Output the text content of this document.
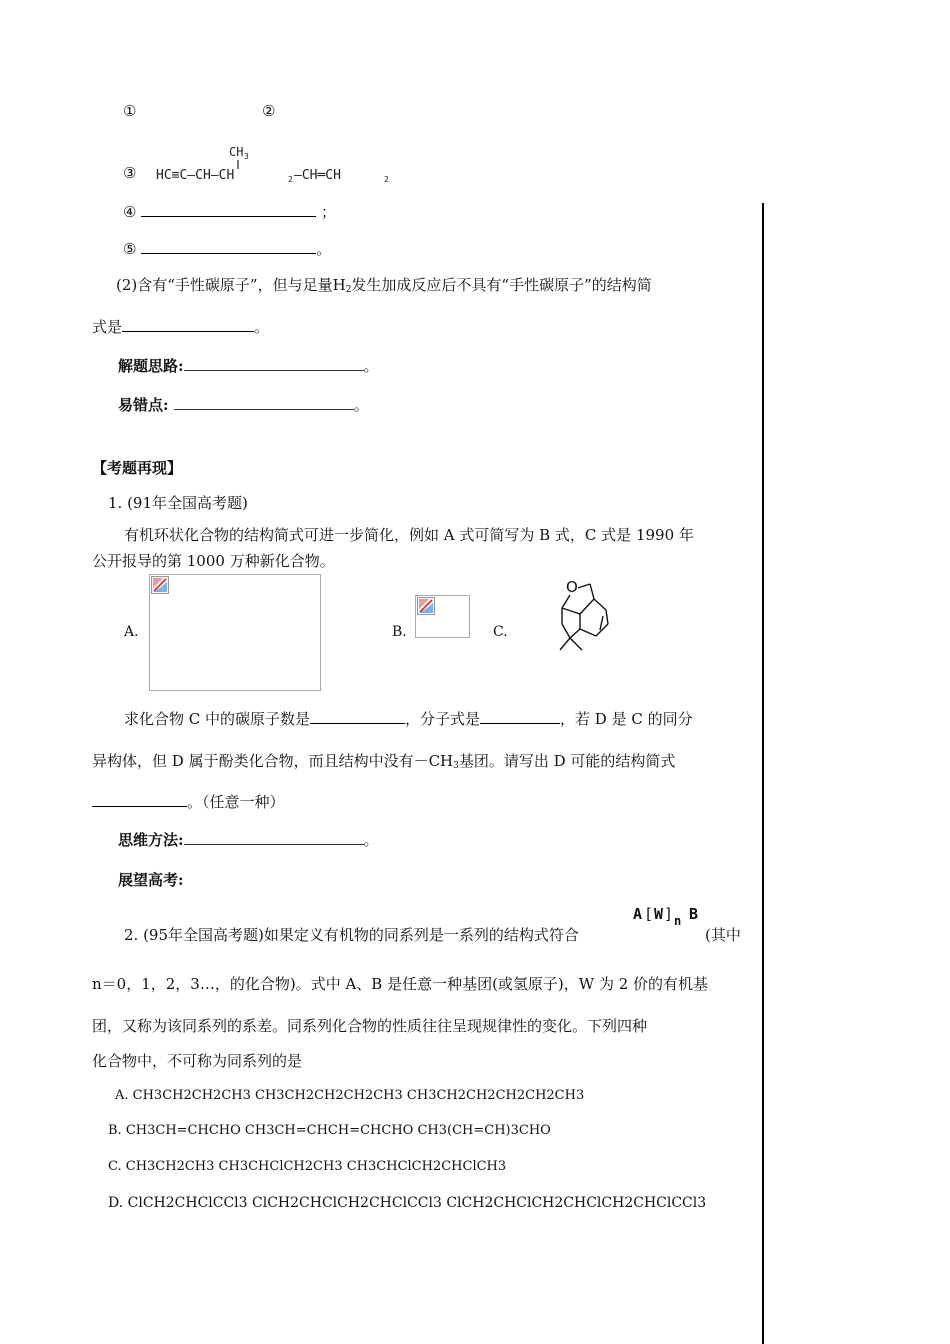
①	②
③
CH 3
HC≡C—CH—CH	2 —CH═CH	2
④	；
⑤	。
(2)含有“手性碳原子”，但与足量$H_2$发生加成反应后不具有“手性碳原子”的结构简
式是	。
解题思路:	。
易错点:	。
【考题再现】
1. (91年全国高考题)
有机环状化合物的结构简式可进一步简化，例如 A 式可简写为 B 式，C 式是 1990 年
公开报导的第 1000 万种新化合物。
A.	B.	C.
O
求化合物 C 中的碳原子数是	，分子式是	，若 D 是 C 的同分
异构体，但 D 属于酚类化合物，而且结构中没有$-CH_3$基团。请写出 D 可能的结构简式
。（任意一种）
思维方法:	。
展望高考:
2. (95年全国高考题)如果定义有机物的同系列是一系列的结构式符合
A [ W ] n B
(其中
n＝0，1，2，3…，的化合物)。式中 A、B 是任意一种基团(或氢原子)，W 为 2 价的有机基
团，又称为该同系列的系差。同系列化合物的性质往往呈现规律性的变化。下列四种
化合物中，不可称为同系列的是
A. CH3CH2CH2CH3 CH3CH2CH2CH2CH3 CH3CH2CH2CH2CH2CH3
B. CH3CH=CHCHO CH3CH=CHCH=CHCHO CH3(CH=CH)3CHO
C. CH3CH2CH3 CH3CHClCH2CH3 CH3CHClCH2CHClCH3
D. ClCH2CHClCCl3 ClCH2CHClCH2CHClCCl3 ClCH2CHClCH2CHClCH2CHClCCl3
